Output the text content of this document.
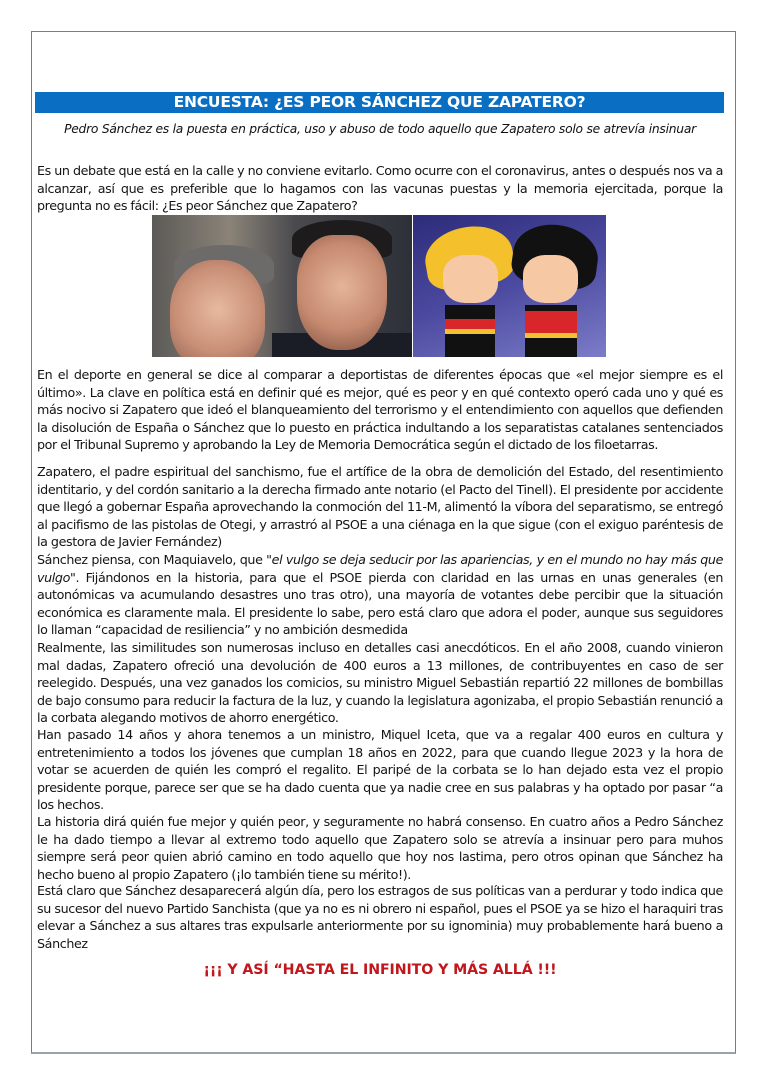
ENCUESTA: ¿ES PEOR SÁNCHEZ QUE ZAPATERO?
Pedro Sánchez es la puesta en práctica, uso y abuso de todo aquello que Zapatero solo se atrevía insinuar

Es un debate que está en la calle y no conviene evitarlo. Como ocurre con el coronavirus, antes o después nos va a alcanzar, así que es preferible que lo hagamos con las vacunas puestas y la memoria ejercitada, porque la pregunta no es fácil: ¿Es peor Sánchez que Zapatero?

En el deporte en general se dice al comparar a deportistas de diferentes épocas que «el mejor siempre es el último». La clave en política está en definir qué es mejor, qué es peor y en qué contexto operó cada uno y qué es más nocivo si Zapatero que ideó el blanqueamiento del terrorismo y el entendimiento con aquellos que defienden la disolución de España o Sánchez que lo puesto en práctica indultando a los separatistas catalanes sentenciados por el Tribunal Supremo y aprobando la Ley de Memoria Democrática según el dictado de los filoetarras.

Zapatero, el padre espiritual del sanchismo, fue el artífice de la obra de demolición del Estado, del resentimiento identitario, y del cordón sanitario a la derecha firmado ante notario (el Pacto del Tinell). El presidente por accidente que llegó a gobernar España aprovechando la conmoción del 11-M, alimentó la víbora del separatismo, se entregó al pacifismo de las pistolas de Otegi, y arrastró al PSOE a una ciénaga en la que sigue (con el exiguo paréntesis de la gestora de Javier Fernández)

Sánchez piensa, con Maquiavelo, que "el vulgo se deja seducir por las apariencias, y en el mundo no hay más que vulgo". Fijándonos en la historia, para que el PSOE pierda con claridad en las urnas en unas generales (en autonómicas va acumulando desastres uno tras otro), una mayoría de votantes debe percibir que la situación económica es claramente mala. El presidente lo sabe, pero está claro que adora el poder, aunque sus seguidores lo llaman “capacidad de resiliencia” y no ambición desmedida

Realmente, las similitudes son numerosas incluso en detalles casi anecdóticos. En el año 2008, cuando vinieron mal dadas, Zapatero ofreció una devolución de 400 euros a 13 millones, de contribuyentes en caso de ser reelegido. Después, una vez ganados los comicios, su ministro Miguel Sebastián repartió 22 millones de bombillas de bajo consumo para reducir la factura de la luz, y cuando la legislatura agonizaba, el propio Sebastián renunció a la corbata alegando motivos de ahorro energético.

Han pasado 14 años y ahora tenemos a un ministro, Miquel Iceta, que va a regalar 400 euros en cultura y entretenimiento a todos los jóvenes que cumplan 18 años en 2022, para que cuando llegue 2023 y la hora de votar se acuerden de quién les compró el regalito. El paripé de la corbata se lo han dejado esta vez el propio presidente porque, parece ser que se ha dado cuenta que ya nadie cree en sus palabras y ha optado por pasar “a los hechos.

La historia dirá quién fue mejor y quién peor, y seguramente no habrá consenso. En cuatro años a Pedro Sánchez le ha dado tiempo a llevar al extremo todo aquello que Zapatero solo se atrevía a insinuar pero para muhos siempre será peor quien abrió camino en todo aquello que hoy nos lastima, pero otros opinan que Sánchez ha hecho bueno al propio Zapatero (¡lo también tiene su mérito!).

Está claro que Sánchez desaparecerá algún día, pero los estragos de sus políticas van a perdurar y todo indica que su sucesor del nuevo Partido Sanchista (que ya no es ni obrero ni español, pues el PSOE ya se hizo el haraquiri tras elevar a Sánchez a sus altares tras expulsarle anteriormente por su ignominia) muy probablemente hará bueno a Sánchez

¡¡¡ Y ASÍ “HASTA EL INFINITO Y MÁS ALLÁ !!!
